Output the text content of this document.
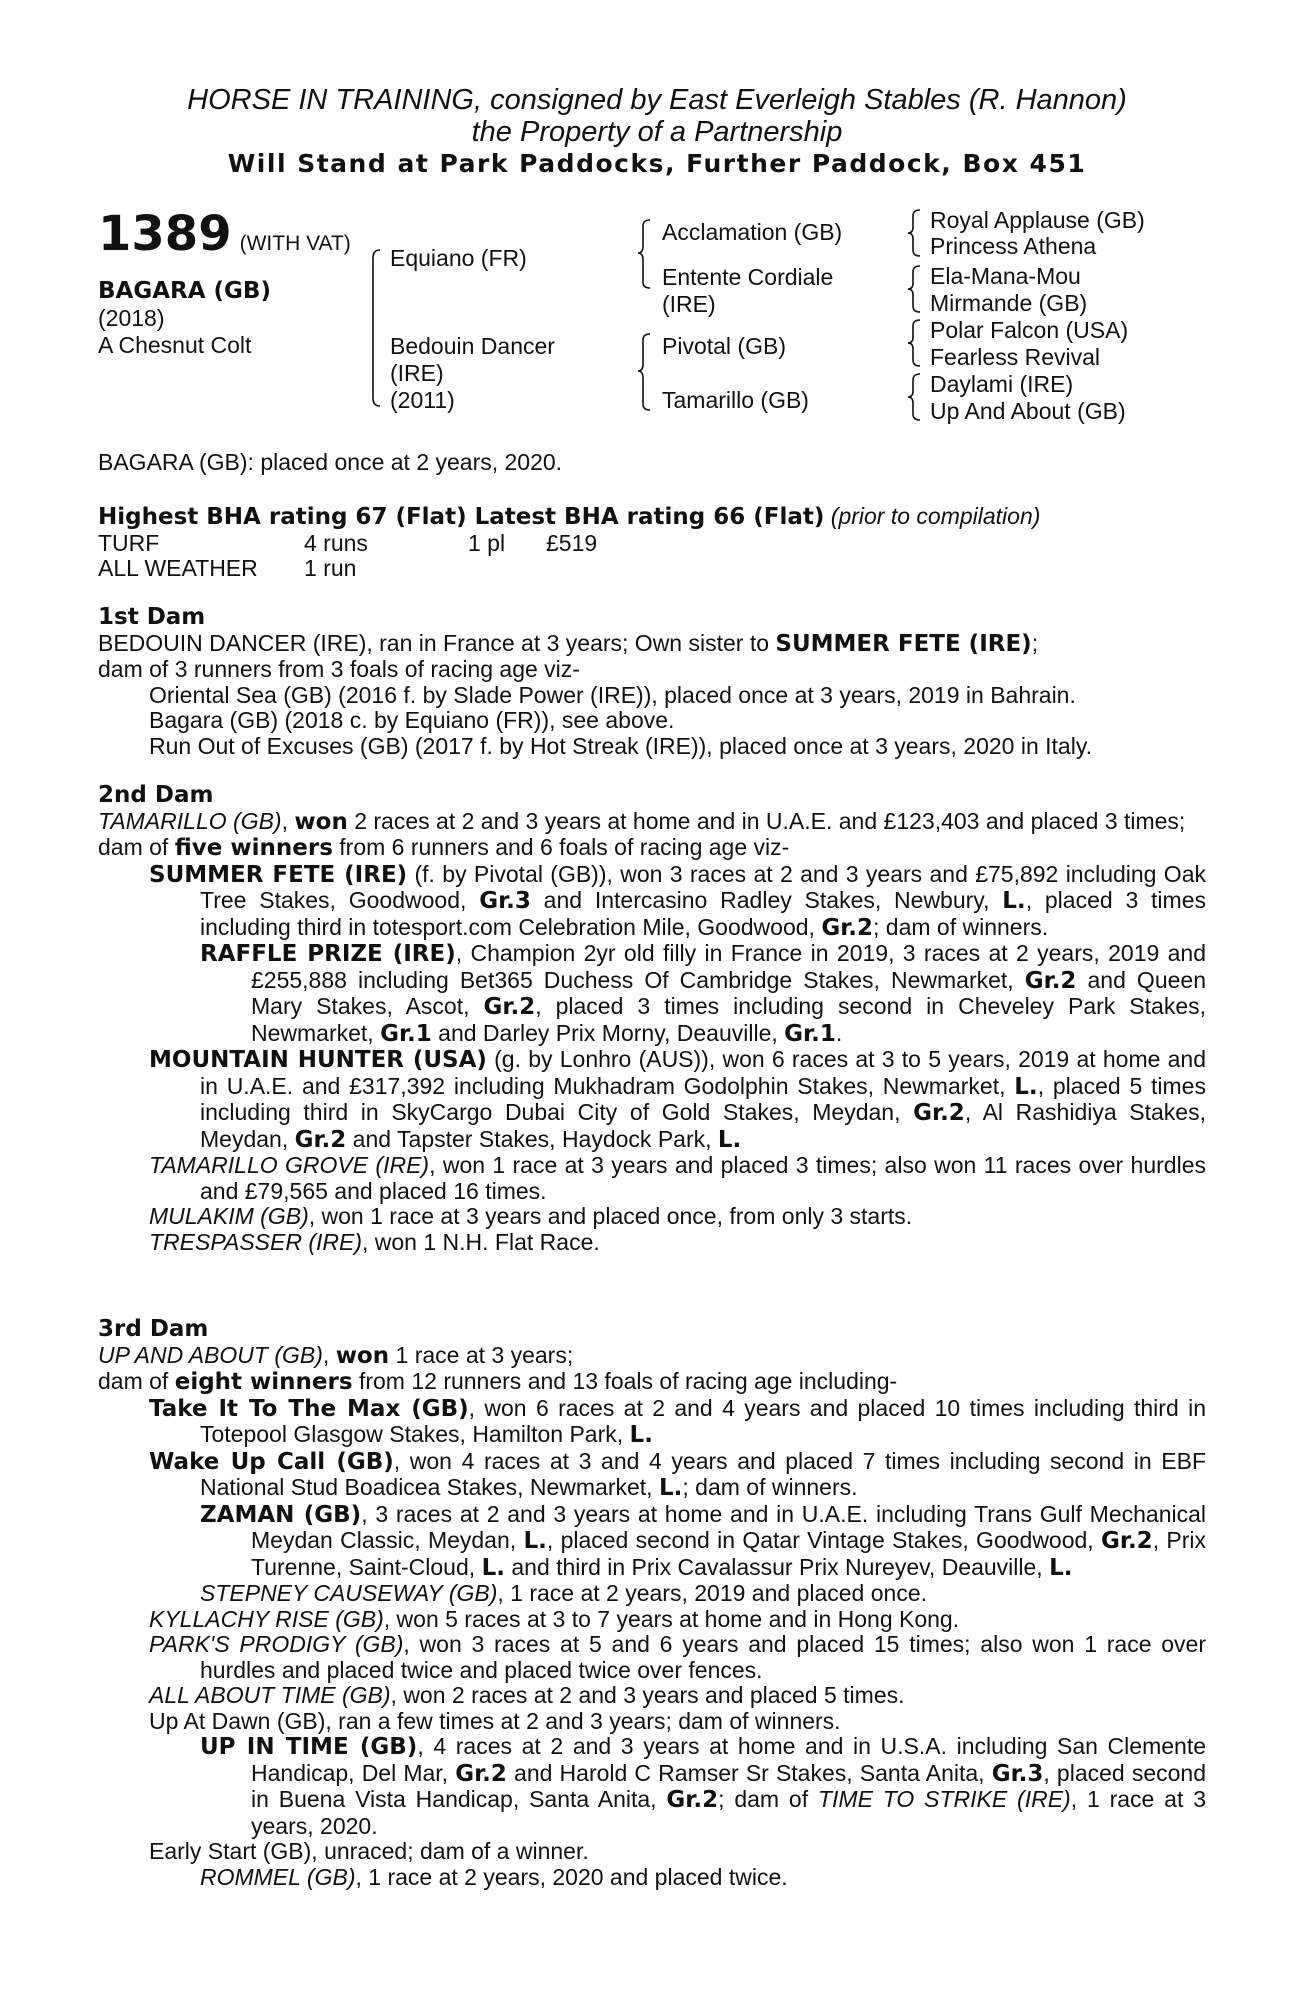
HORSE IN TRAINING, consigned by East Everleigh Stables (R. Hannon)
the Property of a Partnership
Will Stand at Park Paddocks, Further Paddock, Box 451
1389 (WITH VAT)
BAGARA (GB)
(2018)
A Chesnut Colt
Equiano (FR)
Bedouin Dancer
(IRE)
(2011)
Acclamation (GB)
Entente Cordiale
(IRE)
Pivotal (GB)
Tamarillo (GB)
Royal Applause (GB)
Princess Athena
Ela-Mana-Mou
Mirmande (GB)
Polar Falcon (USA)
Fearless Revival
Daylami (IRE)
Up And About (GB)
BAGARA (GB): placed once at 2 years, 2020.

Highest BHA rating 67 (Flat) Latest BHA rating 66 (Flat) (prior to compilation)

TURF	4 runs	1 pl £519

ALL WEATHER 1 run

1st Dam

BEDOUIN DANCER (IRE), ran in France at 3 years; Own sister to SUMMER FETE (IRE);

dam of 3 runners from 3 foals of racing age viz-

Oriental Sea (GB) (2016 f. by Slade Power (IRE)), placed once at 3 years, 2019 in Bahrain.

Bagara (GB) (2018 c. by Equiano (FR)), see above.

Run Out of Excuses (GB) (2017 f. by Hot Streak (IRE)), placed once at 3 years, 2020 in Italy.

2nd Dam

TAMARILLO (GB), won 2 races at 2 and 3 years at home and in U.A.E. and £123,403 and placed 3 times;

dam of five winners from 6 runners and 6 foals of racing age viz-

SUMMER FETE (IRE) (f. by Pivotal (GB)), won 3 races at 2 and 3 years and £75,892 including Oak Tree Stakes, Goodwood, Gr.3 and Intercasino Radley Stakes, Newbury, L., placed 3 times including third in totesport.com Celebration Mile, Goodwood, Gr.2; dam of winners.

RAFFLE PRIZE (IRE), Champion 2yr old filly in France in 2019, 3 races at 2 years, 2019 and £255,888 including Bet365 Duchess Of Cambridge Stakes, Newmarket, Gr.2 and Queen Mary Stakes, Ascot, Gr.2, placed 3 times including second in Cheveley Park Stakes, Newmarket, Gr.1 and Darley Prix Morny, Deauville, Gr.1.

MOUNTAIN HUNTER (USA) (g. by Lonhro (AUS)), won 6 races at 3 to 5 years, 2019 at home and in U.A.E. and £317,392 including Mukhadram Godolphin Stakes, Newmarket, L., placed 5 times including third in SkyCargo Dubai City of Gold Stakes, Meydan, Gr.2, Al Rashidiya Stakes, Meydan, Gr.2 and Tapster Stakes, Haydock Park, L.

TAMARILLO GROVE (IRE), won 1 race at 3 years and placed 3 times; also won 11 races over hurdles and £79,565 and placed 16 times.

MULAKIM (GB), won 1 race at 3 years and placed once, from only 3 starts.

TRESPASSER (IRE), won 1 N.H. Flat Race.

3rd Dam

UP AND ABOUT (GB), won 1 race at 3 years;

dam of eight winners from 12 runners and 13 foals of racing age including-

Take It To The Max (GB), won 6 races at 2 and 4 years and placed 10 times including third in Totepool Glasgow Stakes, Hamilton Park, L.

Wake Up Call (GB), won 4 races at 3 and 4 years and placed 7 times including second in EBF National Stud Boadicea Stakes, Newmarket, L.; dam of winners.

ZAMAN (GB), 3 races at 2 and 3 years at home and in U.A.E. including Trans Gulf Mechanical Meydan Classic, Meydan, L., placed second in Qatar Vintage Stakes, Goodwood, Gr.2, Prix Turenne, Saint-Cloud, L. and third in Prix Cavalassur Prix Nureyev, Deauville, L.

STEPNEY CAUSEWAY (GB), 1 race at 2 years, 2019 and placed once.

KYLLACHY RISE (GB), won 5 races at 3 to 7 years at home and in Hong Kong.

PARK'S PRODIGY (GB), won 3 races at 5 and 6 years and placed 15 times; also won 1 race over hurdles and placed twice and placed twice over fences.

ALL ABOUT TIME (GB), won 2 races at 2 and 3 years and placed 5 times.

Up At Dawn (GB), ran a few times at 2 and 3 years; dam of winners.

UP IN TIME (GB), 4 races at 2 and 3 years at home and in U.S.A. including San Clemente Handicap, Del Mar, Gr.2 and Harold C Ramser Sr Stakes, Santa Anita, Gr.3, placed second in Buena Vista Handicap, Santa Anita, Gr.2; dam of TIME TO STRIKE (IRE), 1 race at 3 years, 2020.

Early Start (GB), unraced; dam of a winner.

ROMMEL (GB), 1 race at 2 years, 2020 and placed twice.
